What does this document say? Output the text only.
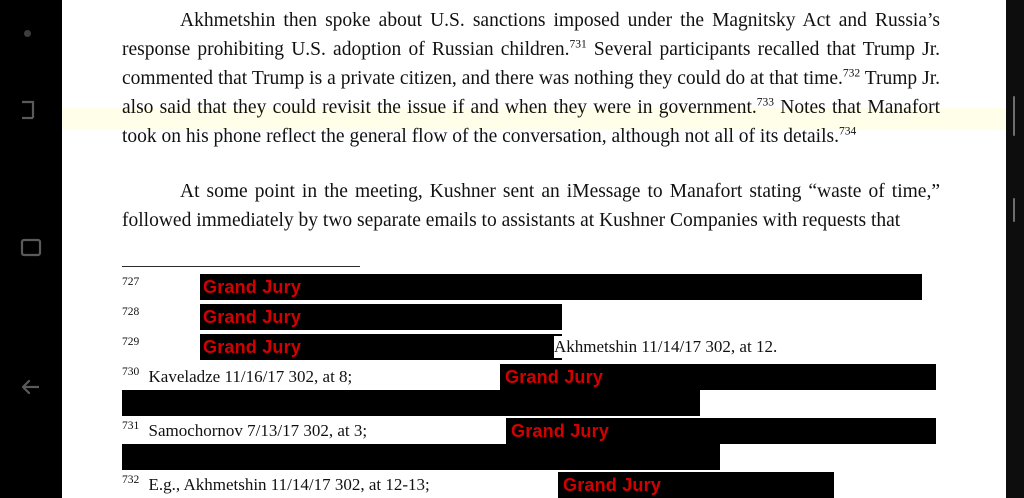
Akhmetshin then spoke about U.S. sanctions imposed under the Magnitsky Act and Russia’s response prohibiting U.S. adoption of Russian children.$^{731}$ Several participants recalled that Trump Jr. commented that Trump is a private citizen, and there was nothing they could do at that time.$^{732}$ Trump Jr. also said that they could revisit the issue if and when they were in government.$^{733}$ Notes that Manafort took on his phone reflect the general flow of the conversation, although not all of its details.$^{734}$

At some point in the meeting, Kushner sent an iMessage to Manafort stating “waste of time,” followed immediately by two separate emails to assistants at Kushner Companies with requests that

$^{727}$	Grand Jury
$^{728}$	Grand Jury
$^{729}$	Grand Jury	Akhmetshin 11/14/17 302, at 12.
$^{730}$ Kaveladze 11/16/17 302, at 8;	Grand Jury
$^{731}$ Samochornov 7/13/17 302, at 3;	Grand Jury
$^{732}$ E.g., Akhmetshin 11/14/17 302, at 12-13;	Grand Jury
